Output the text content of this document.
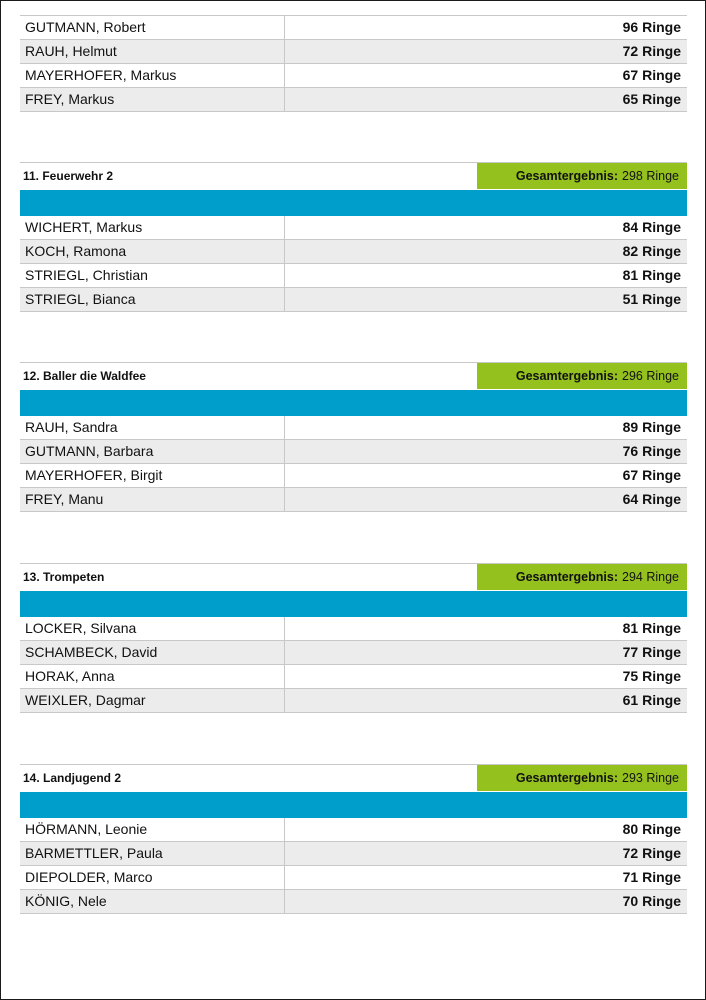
GUTMANN, Robert	96 Ringe
RAUH, Helmut	72 Ringe
MAYERHOFER, Markus	67 Ringe
FREY, Markus	65 Ringe
11. Feuerwehr 2	Gesamtergebnis: 298 Ringe
WICHERT, Markus	84 Ringe
KOCH, Ramona	82 Ringe
STRIEGL, Christian	81 Ringe
STRIEGL, Bianca	51 Ringe
12. Baller die Waldfee	Gesamtergebnis: 296 Ringe
RAUH, Sandra	89 Ringe
GUTMANN, Barbara	76 Ringe
MAYERHOFER, Birgit	67 Ringe
FREY, Manu	64 Ringe
13. Trompeten	Gesamtergebnis: 294 Ringe
LOCKER, Silvana	81 Ringe
SCHAMBECK, David	77 Ringe
HORAK, Anna	75 Ringe
WEIXLER, Dagmar	61 Ringe
14. Landjugend 2	Gesamtergebnis: 293 Ringe
HÖRMANN, Leonie	80 Ringe
BARMETTLER, Paula	72 Ringe
DIEPOLDER, Marco	71 Ringe
KÖNIG, Nele	70 Ringe
